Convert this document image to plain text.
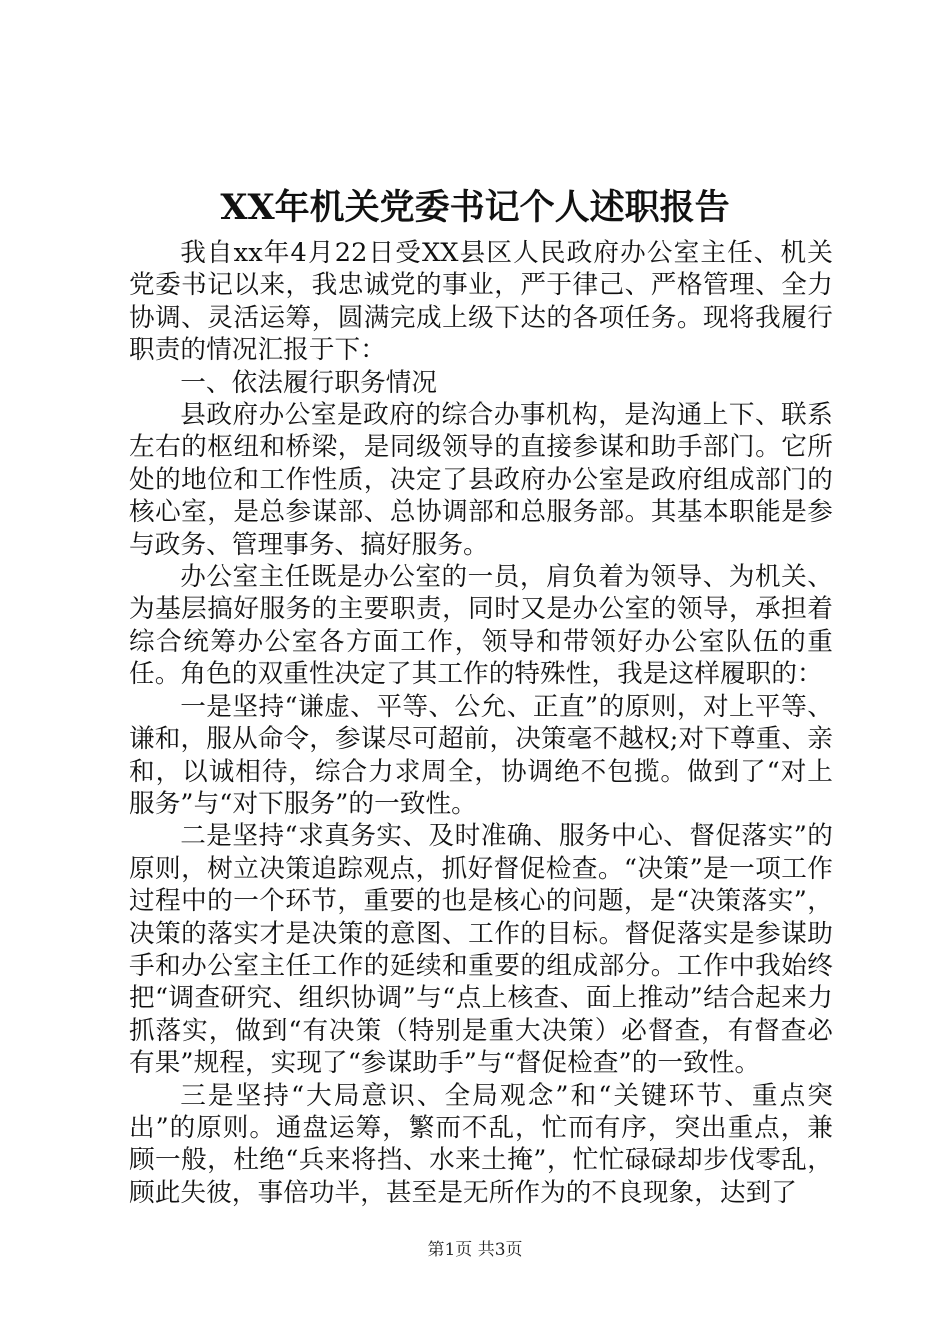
XX年机关党委书记个人述职报告

我自xx年4月22日受XX县区人民政府办公室主任、机关党委书记以来，我忠诚党的事业，严于律己、严格管理、全力协调、灵活运筹，圆满完成上级下达的各项任务。现将我履行职责的情况汇报于下：

一、依法履行职务情况

县政府办公室是政府的综合办事机构，是沟通上下、联系左右的枢纽和桥梁，是同级领导的直接参谋和助手部门。它所处的地位和工作性质，决定了县政府办公室是政府组成部门的核心室，是总参谋部、总协调部和总服务部。其基本职能是参与政务、管理事务、搞好服务。

办公室主任既是办公室的一员，肩负着为领导、为机关、为基层搞好服务的主要职责，同时又是办公室的领导，承担着综合统筹办公室各方面工作，领导和带领好办公室队伍的重任。角色的双重性决定了其工作的特殊性，我是这样履职的：

一是坚持“谦虚、平等、公允、正直”的原则，对上平等、谦和，服从命令，参谋尽可超前，决策毫不越权;对下尊重、亲和，以诚相待，综合力求周全，协调绝不包揽。做到了“对上服务”与“对下服务”的一致性。

二是坚持“求真务实、及时准确、服务中心、督促落实”的原则，树立决策追踪观点，抓好督促检查。“决策”是一项工作过程中的一个环节，重要的也是核心的问题，是“决策落实”，决策的落实才是决策的意图、工作的目标。督促落实是参谋助手和办公室主任工作的延续和重要的组成部分。工作中我始终把“调查研究、组织协调”与“点上核查、面上推动”结合起来力抓落实，做到“有决策（特别是重大决策）必督查，有督查必有果”规程，实现了“参谋助手”与“督促检查”的一致性。

三是坚持“大局意识、全局观念”和“关键环节、重点突出”的原则。通盘运筹，繁而不乱，忙而有序，突出重点，兼顾一般，杜绝“兵来将挡、水来土掩”，忙忙碌碌却步伐零乱，顾此失彼，事倍功半，甚至是无所作为的不良现象，达到了

第1页 共3页
